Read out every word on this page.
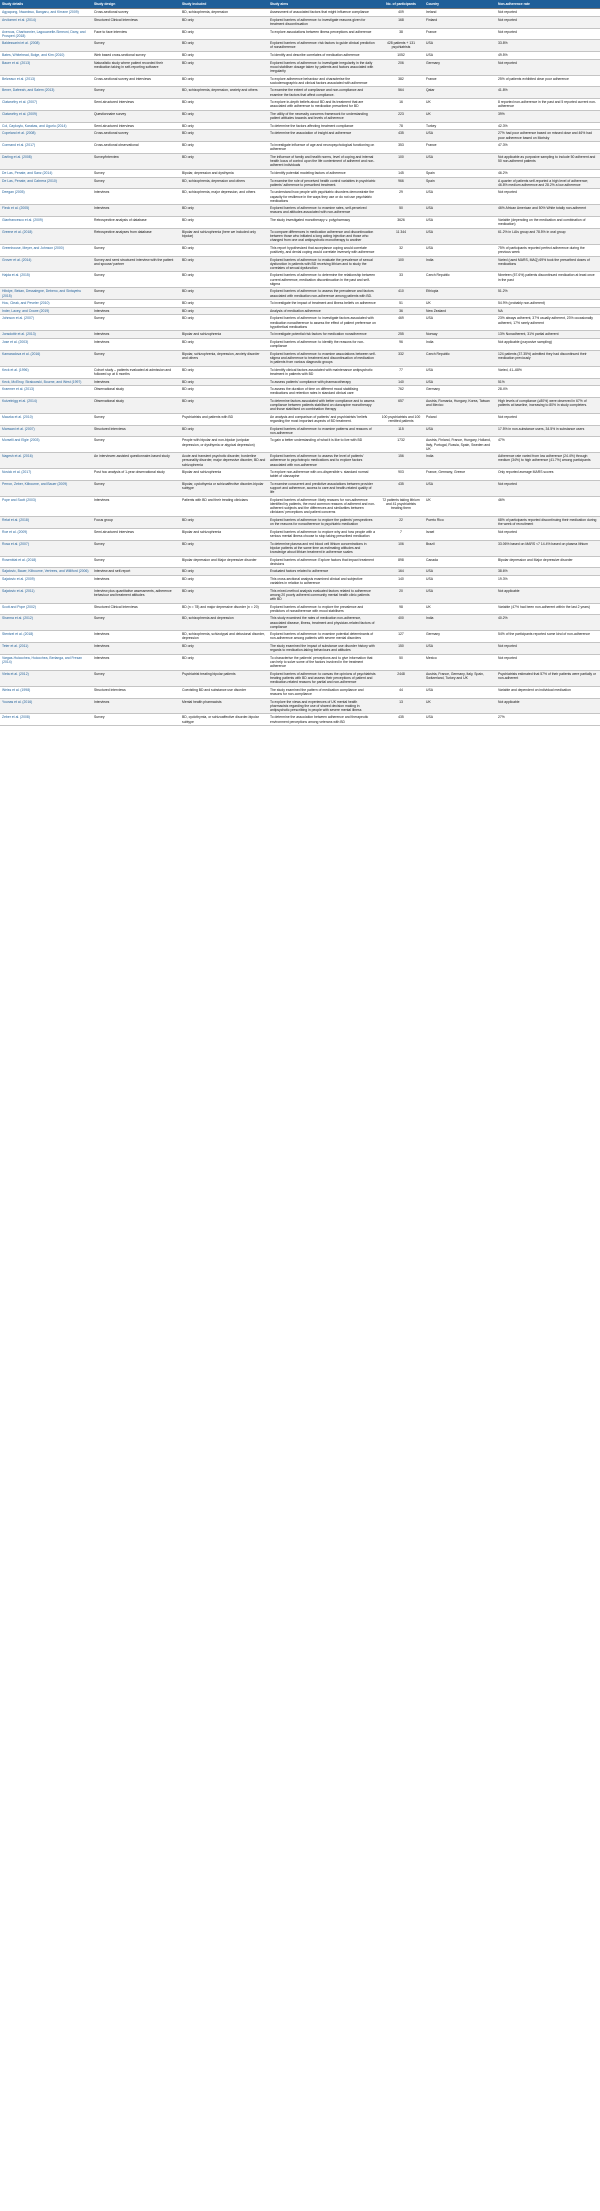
Study details	Study design	Study included	Study aims	No. of participants	Country	Non-adherence rate
Agyapong, Nwankwo, Bangaru, and Kirrane (2009)	Cross-sectional survey	BD, schizophrenia, depression	Assessment of associated factors that might influence compliance	409	Ireland	Not reported
Arvilommi et al. (2014)	Structured Clinical Interviews	BD only	Explored barriers of adherence: to investigate reasons given for treatment discontinuation	168	Finland	Not reported
Averous, Charbonnier, Lagouanelle-Simeoni, Dany, and Prosperi (2018)	Face to face interview	BD only	To explore associations between illness perceptions and adherence	38	France	Not reported
Baldessarini et al. (2008)	Survey	BD only	Explored barriers of adherence: risk factors to guide clinical prediction of nonadherence	428 patients + 131 psychiatrists	USA	33.8%
Bates, Whitehead, Bolge, and Kim (2010)	Web based cross-sectional survey	BD only	To identify and describe correlates of medication adherence	1052	USA	49.5%
Bauer et al. (2013)	Naturalistic study where patient recorded their medication taking in self-reporting software	BD only	Explored barriers of adherence: to investigate irregularity in the daily mood stabiliser dosage taken by patients and factors associated with irregularity	206	Germany	Not reported
Belzeaux et al. (2013)	Cross-sectional survey and interviews	BD only	To explore adherence behaviour and characterise the sociodemographic and clinical factors associated with adherence	382	France	25% of patients exhibited clear poor adherence
Bener, Dafeeah, and Salem (2013)	Survey	BD, schizophrenia, depression, anxiety and others	To examine the extent of compliance and non-compliance and examine the factors that affect compliance.	564	Qatar	41.8%
Clatworthy et al. (2007)	Semi-structured interviews	BD only	To explore in-depth beliefs about BD and its treatment that are associated with adherence to medication prescribed for BD	16	UK	8 reported non-adherence in the past and 5 reported current non-adherence
Clatworthy et al. (2009)	Questionnaire survey	BD only	The utility of the necessity concerns framework for understanding patient attitudes towards and levels of adherence	223	UK	39%
Col, Caykoylu, Karakas, and Ugurlu (2014)	Semi-structured interviews	BD only	To determine the factors affecting treatment compliance	78	Turkey	42.3%
Copeland et al. (2008)	Cross-sectional survey	BD only	To determine the association of insight and adherence	435	USA	27% had poor adherence based on missed dose and 46% had poor adherence based on Morisky
Cormand et al. (2017)	Cross-sectional observational	BD only	To investigate influence of age and neuropsychological functioning on adherence	353	France	47.3%
Darling et al. (2008)	Survey/interview	BD only	The influence of family and health norms, level of coping and internal health locus of control upon the life contentment of adherent and non-adherent individuals	100	USA	Not applicable as purposive sampling to include 50 adherent and 50 non-adherent patients
De Las, Penate, and Sanz (2014)	Survey	Bipolar, depression and dysthymia	To identify potential modeling factors of adherence	145	Spain	46.2%
De Las, Penate, and Cabrera (2010)	Survey	BD, schizophrenia, depression and others	To examine the role of perceived health control variables in psychiatric patients' adherence to prescribed treatment.	966	Spain	A quarter of patients self-reported a high level of adherence; 46.8% medium adherence and 28.2% a low adherence
Deegan (2005)	Interviews	BD, schizophrenia, major depression, and others	To understand how people with psychiatric disorders demonstrate the capacity for resilience in the ways they use or do not use psychiatric medications	29	USA	Not reported
Fleck et al. (2005)	Interviews	BD only	Explored barriers of adherence: to examine rates, self-perceived reasons and attitudes associated with non-adherence	50	USA	46% African American and 50% White totally non-adherent
Gianfrancesco et al. (2009)	Retrospective analysis of database	BD only	The study investigated monotherapy v. polypharmacy	3626	USA	Variable (depending on the medication and combination of medication)
Greene et al. (2018)	Retrospective analyses from database	Bipolar and schizophrenia (here we included only bipolar)	To compare differences in medication adherence and discontinuation between those who initiated a long acting injection and those who changed from one oral antipsychotic monotherapy to another	11 344	USA	61.2% in LAIs group and 78.5% in oral group
Greenhouse, Meyer, and Johnson (2000)	Survey	BD only	This report hypothesized that acceptance coping would correlate positively, and denial coping would correlate inversely with adherence	32	USA	75% of participants reported perfect adherence during the previous week
Grover et al. (2014)	Survey and semi structured interview with the patient and spouse/ partner	BD only	Explored barriers of adherence: to evaluate the prevalence of sexual dysfunction in patients with BD receiving lithium and to study the correlates of sexual dysfunction	100	India	Varied (used MARS, MAQ) 69% took the prescribed doses of medications
Hajda et al. (2015)	Survey	BD only	Explored barriers of adherence: to determine the relationship between current adherence, medication discontinuation in the past and self-stigma	33	Czech Republic	Nineteen (57.6%) patients discontinued medication at least once in the past
Hibdye, Bekan, Dessalegne, Debeno, and Sintayehu (2015)	Survey	BD only	Explored barriers of adherence: to assess the prevalence and factors associated with medication non-adherence among patients with BD.	410	Ethiopia	51.2%
Hou, Cleak, and Peveler (2010)	Survey	BD only	To investigate the impact of treatment and illness beliefs on adherence	51	UK	54.9% (probably non-adherent)
Inder, Lacey, and Crowe (2019)	Interviews	BD only	Analysis of medication adherence	36	New Zealand	NA
Johnson et al. (2007)	Survey	BD only	Explored barriers of adherence: to investigate factors associated with medication nonadherence to assess the effect of patient preference on hypothetical medications	469	USA	23% always adherent, 37% usually adherent, 23% occasionally adherent, 17% rarely adherent
Jonsdottir et al. (2013)	Interviews	Bipolar and schizophrenia	To investigate potential risk factors for medication nonadherence	255	Norway	13% Nonadherent, 31% partial adherent
Jose et al. (2003)	Interviews	BD only	Explored barriers of adherence: to identify the reasons for non-compliance	96	India	Not applicable (purposive sampling)
Kamaradova et al. (2016)	Survey	Bipolar, schizophrenia, depression, anxiety disorder and others	Explored barriers of adherence: to examine associations between self-stigma and adherence to treatment and discontinuation of medication in patients from various diagnostic groups	332	Czech Republic	124 patients (37.35%) admitted they had discontinued their medication previously
Keck et al. (1996)	Cohort study – patients evaluated at admission and followed up at 6 months	BD only	To identify clinical factors associated with maintenance antipsychotic treatment in patients with BD	77	USA	Varied, 41–68%
Keck, McElroy, Strakowski, Bourne, and West (1997)	Interviews	BD only	To assess patients' compliance with pharmacotherapy	140	USA	51%
Kraemer et al. (2013)	Observational study	BD only	To assess the duration of time on different mood stabilising medications and retention rates in standard clinical care	762	Germany	28.4%
Kutzelnigg et al. (2014)	Observational study	BD only	To determine factors associated with better compliance and to assess compliance between patients stabilised on olanzapine monotherapy and those stabilised on combination therapy	657	Austria, Romania, Hungary, Korea, Taiwan and Mexico	High levels of compliance (≥80%) were observed in 67% of patients at baseline, increasing to 80% in study completers.
Maczka et al. (2010)	Survey	Psychiatrists and patients with BD	An analysis and comparison of patients' and psychiatrists' beliefs regarding the most important aspects of BD treatment.	100 psychiatrists and 100 remitted patients	Poland	Not reported
Manwani et al. (2007)	Structured interviews	BD only	Explored barriers of adherence: to examine patterns and reasons of non-adherence	115	USA	17.5% in non-substance users, 34.5% in substance users
Morselli and Elgie (2003)	Survey	People with bipolar and non-bipolar (unipolar depression, or dysthymia or atypical depression)	To gain a better understanding of what it is like to live with BD	1732	Austria, Finland, France, Hungary, Holland, Italy, Portugal, Russia, Spain, Sweden and UK	47%
Nagesh et al. (2016)	An interviewer-assisted questionnaire-based study	Acute and transient psychotic disorder, borderline personality disorder, major depressive disorder, BD and schizophrenia	Explored barriers of adherence: to assess the level of patients' adherence to psychotropic medications and to explore factors associated with non-adherence	156	India	Adherence rate varied from low adherence (24.4%) through medium (34%) to high adherence (41.7%) among participants
Novick et al. (2017)	Post hoc analysis of 1-year observational study	Bipolar and schizophrenia	To explore non-adherence with oro-dispersible v. standard normal tablet of olanzapine	903	France, Germany, Greece	Only reported average MARS scores
Perron, Zeber, Kilbourne, and Bauer (2009)	Survey	Bipolar, cyclothymia or schizoaffective disorder-bipolar subtype	To examine concurrent and predictive associations between provider support and adherence, access to care and health-related quality of life	435	USA	Not reported
Pope and Scott (2003)	Interviews	Patients with BD and their treating clinicians	Explored barriers of adherence: likely reasons for non-adherence identified by patients, the most common reasons of adherent and non- adherent subjects and the differences and similarities between clinicians' perceptions and patient concerns	72 patients taking lithium and 41 psychiatrists treating them	UK	46%
Relat et al. (2018)	Focus group	BD only	Explored barriers of adherence: to explore the patients' perspectives on the reasons for nonadherence to psychiatric medication	22	Puerto Rico	68% of participants reported discontinuing their medication during the week of recruitment
Roe et al. (2009)	Semi-structured interviews	Bipolar and schizophrenia	Explored barriers of adherence: to explore why and how people with a serious mental illness choose to stop taking prescribed medication	7	Israel	Not reported
Rosa et al. (2007)	Survey	BD only	To determine plasma and red blood cell lithium concentrations in bipolar patients at the same time as estimating attitudes and knowledge about lithium treatment in adherence scales	106	Brazil	33.06% based on MARS <7 14.4% based on plasma lithium
Rosenblat et al. (2018)	Survey	Bipolar depression and Major depressive disorder	Explored barriers of adherence: Explore factors that impact treatment decisions	898	Canada	Bipolar depression and Major depressive disorder
Sajatovic, Bauer, Kilbourne, Vertrees, and Williford (2006)	Interview and self-report	BD only	Evaluated factors related to adherence	164	USA	38.6%
Sajatovic et al. (2009)	Interviews	BD only	This cross-sectional analysis examined clinical and subjective variables in relation to adherence	140	USA	19.3%
Sajatovic et al. (2011)	Interview plus quantitative assessments, adherence behaviour and treatment attitudes	BD only	This mixed-method analysis evaluated factors related to adherence among 20 poorly adherent community mental health clinic patients with BD	20	USA	Not applicable
Scott and Pope (2002)	Structured Clinical Interviews	BD (n = 78) and major depressive disorder (n = 20)	Explored barriers of adherence: to explore the prevalence and predictors of nonadherence with mood stabilisers	98	UK	Variable (47% had been non-adherent within the last 2 years)
Sharma et al. (2012)	Survey	BD, schizophrenia and depression	This study examined the rates of medication non-adherence, associated disease, illness, treatment and physician-related factors of compliance	400	India	40.2%
Stentzel et al. (2018)	Interviews	BD, schizophrenia, schizotypal and delusional disorder, depression	Explored barriers of adherence: to examine potential determinants of non-adherence among patients with severe mental disorders	127	Germany	54% of the participants reported some kind of non-adherence
Teter et al. (2011)	Interviews	BD only	The study examined the impact of substance use disorder history with regards to medication-taking behaviours and attitudes	150	USA	Not reported
Vargas-Huicochea, Huicochea, Berlanga, and Fresan (2014)	Interviews	BD only	To characterise the patients' perceptions and to give information that can help to solve some of the factors involved in the treatment adherence	50	Mexico	Not reported
Vieta et al. (2012)	Survey	Psychiatrist treating bipolar patients	Explored barriers of adherence: to canvas the opinions of psychiatrists treating patients with BD and assess their perceptions of patient and medication-related reasons for partial and non-adherence	2448	Austria, France, Germany, Italy, Spain, Switzerland, Turkey and UK	Psychiatrists estimated that 57% of their patients were partially or non-adherent
Weiss et al. (1998)	Structured interviews	Coexisting BD and substance use disorder	The study examined the pattern of medication compliance and reasons for non-compliance	44	USA	Variable and dependent on individual medication
Younas et al. (2016)	Interviews	Mental health pharmacists	To explore the views and experiences of UK mental health pharmacists regarding the use of shared decision making in antipsychotic prescribing in people with severe mental illness	13	UK	Not applicable
Zeber et al. (2008)	Survey	BD, cyclothymia, or schizoaffective disorder-bipolar subtype	To determine the association between adherence and therapeutic environment perceptions among veterans with BD	435	USA	27%
